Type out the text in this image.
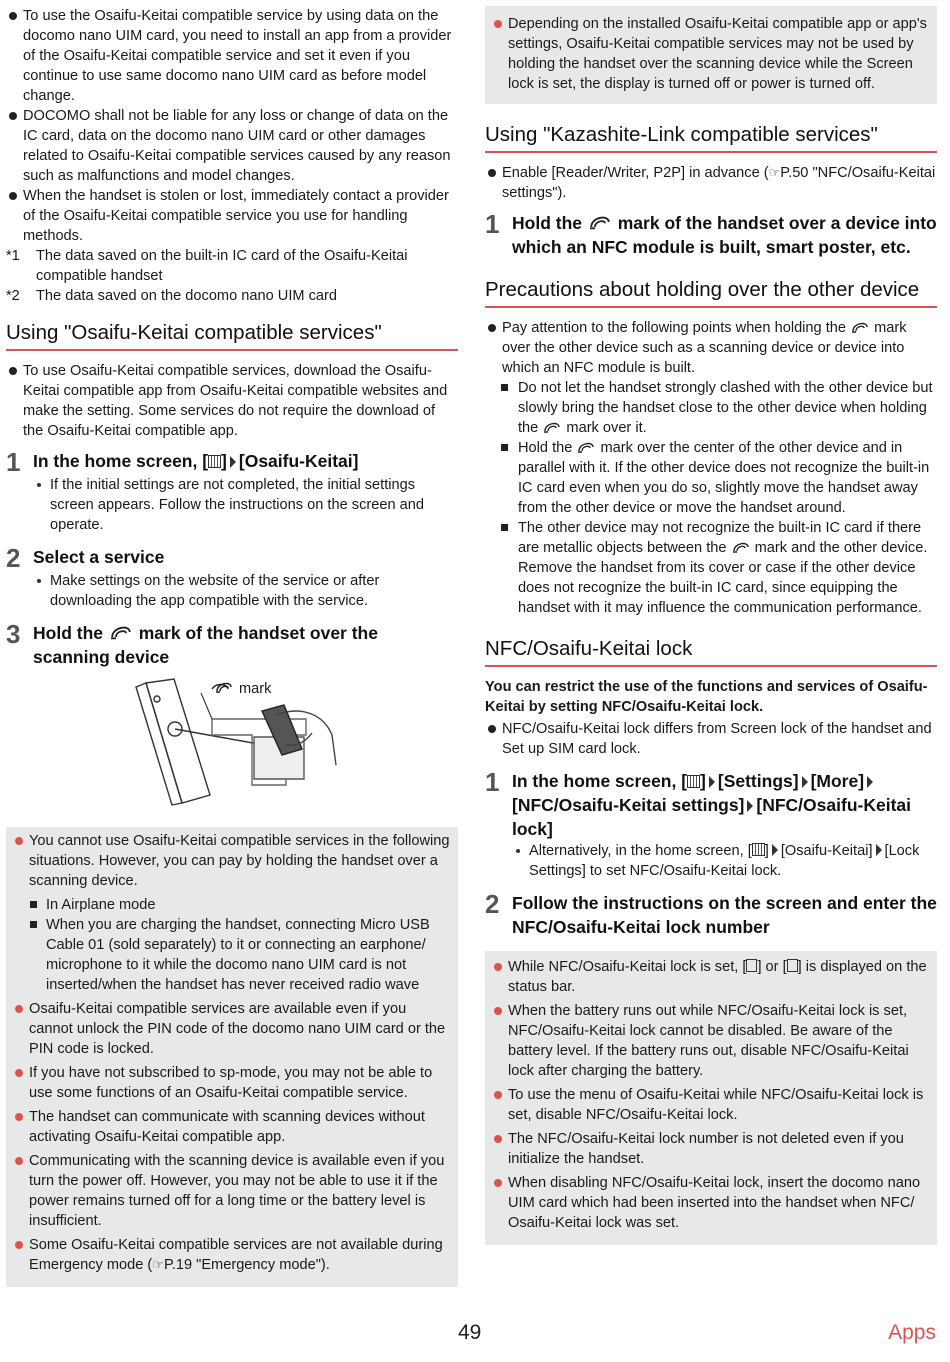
To use the Osaifu-Keitai compatible service by using data on the docomo nano UIM card, you need to install an app from a provider of the Osaifu-Keitai compatible service and set it even if you continue to use same docomo nano UIM card as before model change.
DOCOMO shall not be liable for any loss or change of data on the IC card, data on the docomo nano UIM card or other damages related to Osaifu-Keitai compatible services caused by any reason such as malfunctions and model changes.
When the handset is stolen or lost, immediately contact a provider of the Osaifu-Keitai compatible service you use for handling methods.
*1	The data saved on the built-in IC card of the Osaifu-Keitai compatible handset
*2	The data saved on the docomo nano UIM card
Using "Osaifu-Keitai compatible services"
To use Osaifu-Keitai compatible services, download the Osaifu-Keitai compatible app from Osaifu-Keitai compatible websites and make the setting. Some services do not require the download of the Osaifu-Keitai compatible app.
1 In the home screen, [ ] [Osaifu-Keitai]
If the initial settings are not completed, the initial settings screen appears. Follow the instructions on the screen and operate.
2 Select a service
Make settings on the website of the service or after downloading the app compatible with the service.
3 Hold the mark of the handset over the scanning device
mark
You cannot use Osaifu-Keitai compatible services in the following situations. However, you can pay by holding the handset over a scanning device.
In Airplane mode
When you are charging the handset, connecting Micro USB Cable 01 (sold separately) to it or connecting an earphone/ microphone to it while the docomo nano UIM card is not inserted/when the handset has never received radio wave
Osaifu-Keitai compatible services are available even if you cannot unlock the PIN code of the docomo nano UIM card or the PIN code is locked.
If you have not subscribed to sp-mode, you may not be able to use some functions of an Osaifu-Keitai compatible service.
The handset can communicate with scanning devices without activating Osaifu-Keitai compatible app.
Communicating with the scanning device is available even if you turn the power off. However, you may not be able to use it if the power remains turned off for a long time or the battery level is insufficient.
Some Osaifu-Keitai compatible services are not available during Emergency mode (☞P.19 "Emergency mode").
Depending on the installed Osaifu-Keitai compatible app or app's settings, Osaifu-Keitai compatible services may not be used by holding the handset over the scanning device while the Screen lock is set, the display is turned off or power is turned off.
Using "Kazashite-Link compatible services"
Enable [Reader/Writer, P2P] in advance (☞P.50 "NFC/Osaifu-Keitai settings").
1 Hold the mark of the handset over a device into which an NFC module is built, smart poster, etc.
Precautions about holding over the other device
Pay attention to the following points when holding the mark over the other device such as a scanning device or device into which an NFC module is built.
Do not let the handset strongly clashed with the other device but slowly bring the handset close to the other device when holding the mark over it.
Hold the mark over the center of the other device and in parallel with it. If the other device does not recognize the built-in IC card even when you do so, slightly move the handset away from the other device or move the handset around.
The other device may not recognize the built-in IC card if there are metallic objects between the mark and the other device. Remove the handset from its cover or case if the other device does not recognize the built-in IC card, since equipping the handset with it may influence the communication performance.
NFC/Osaifu-Keitai lock
You can restrict the use of the functions and services of Osaifu-Keitai by setting NFC/Osaifu-Keitai lock.
NFC/Osaifu-Keitai lock differs from Screen lock of the handset and Set up SIM card lock.
1 In the home screen, [ ] [Settings] [More][NFC/Osaifu-Keitai settings] [NFC/Osaifu-Keitai lock]
Alternatively, in the home screen, [ ] [Osaifu-Keitai] [Lock Settings] to set NFC/Osaifu-Keitai lock.
2 Follow the instructions on the screen and enter the NFC/Osaifu-Keitai lock number
While NFC/Osaifu-Keitai lock is set, [ ] or [ ] is displayed on the status bar.
When the battery runs out while NFC/Osaifu-Keitai lock is set, NFC/Osaifu-Keitai lock cannot be disabled. Be aware of the battery level. If the battery runs out, disable NFC/Osaifu-Keitai lock after charging the battery.
To use the menu of Osaifu-Keitai while NFC/Osaifu-Keitai lock is set, disable NFC/Osaifu-Keitai lock.
The NFC/Osaifu-Keitai lock number is not deleted even if you initialize the handset.
When disabling NFC/Osaifu-Keitai lock, insert the docomo nano UIM card which had been inserted into the handset when NFC/ Osaifu-Keitai lock was set.
49	Apps
